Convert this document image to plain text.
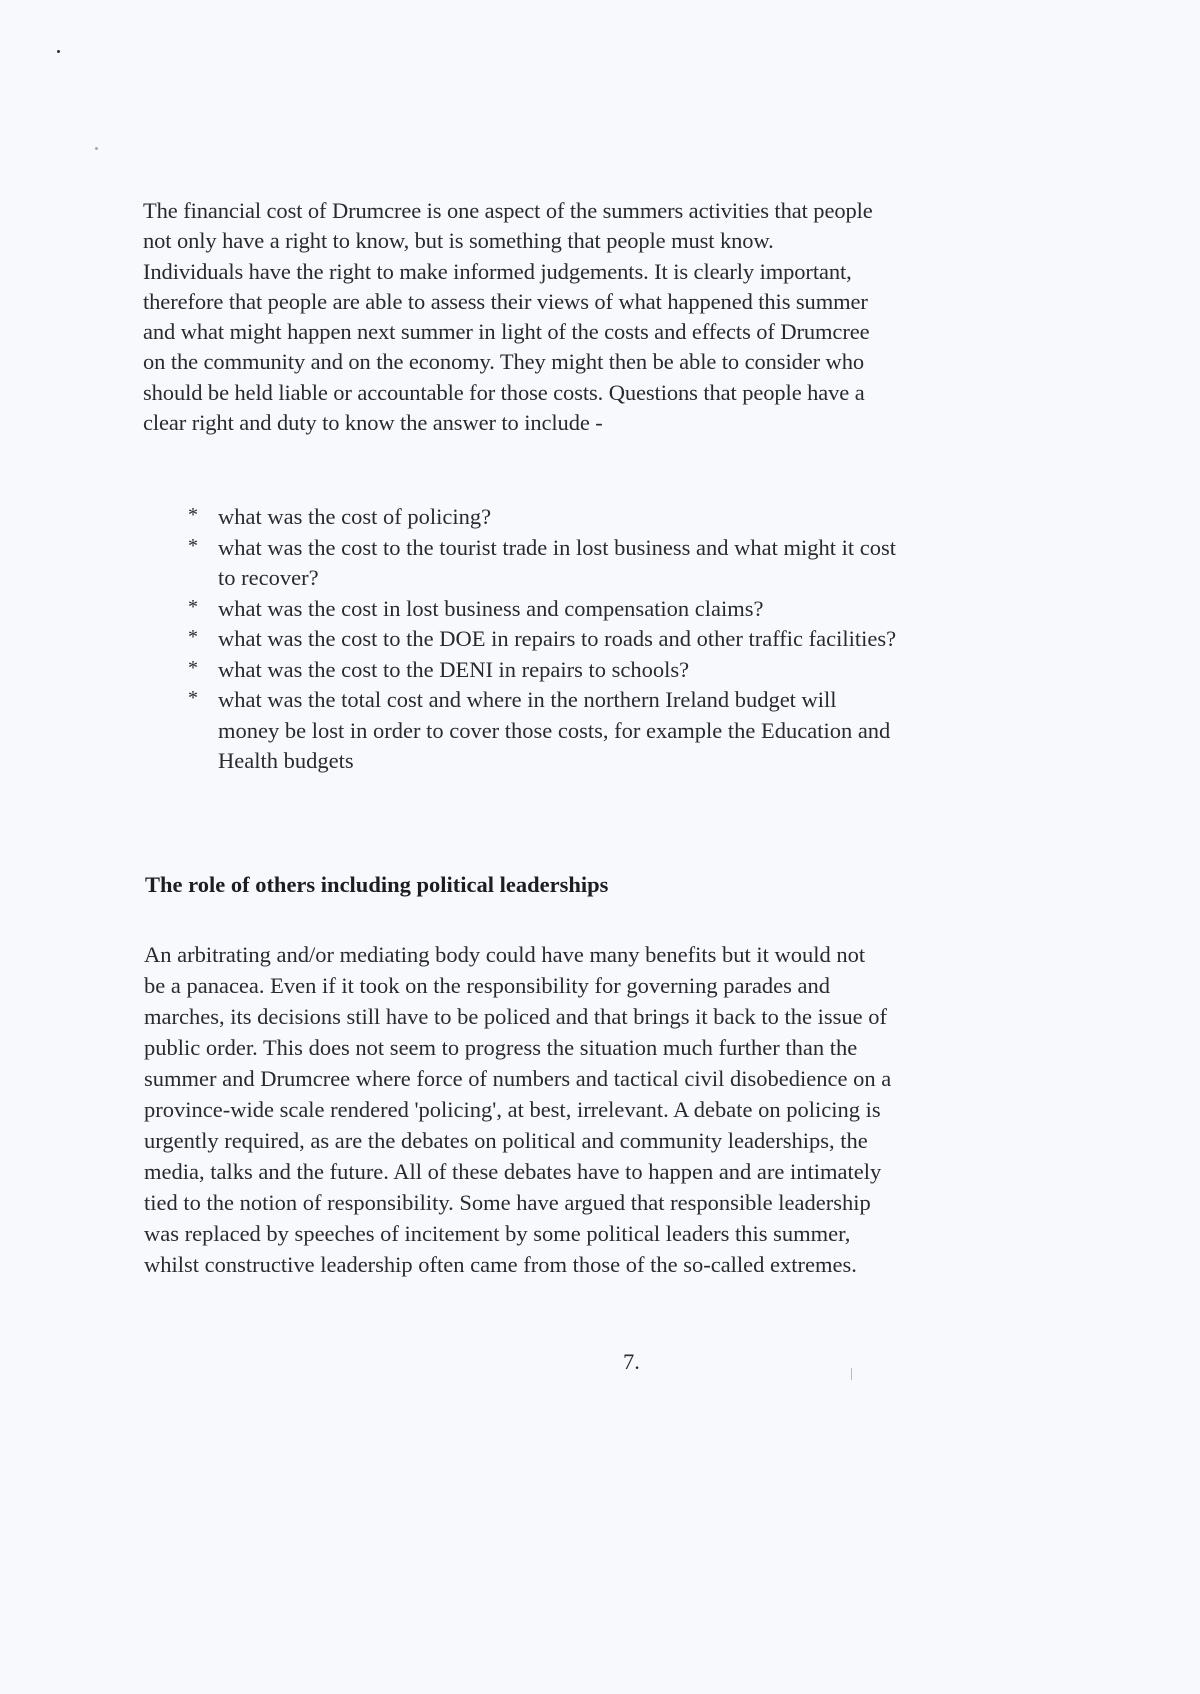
The financial cost of Drumcree is one aspect of the summers activities that people
not only have a right to know, but is something that people must know.
Individuals have the right to make informed judgements. It is clearly important,
therefore that people are able to assess their views of what happened this summer
and what might happen next summer in light of the costs and effects of Drumcree
on the community and on the economy. They might then be able to consider who
should be held liable or accountable for those costs. Questions that people have a
clear right and duty to know the answer to include -

* what was the cost of policing?
* what was the cost to the tourist trade in lost business and what might it cost
to recover?
* what was the cost in lost business and compensation claims?
* what was the cost to the DOE in repairs to roads and other traffic facilities?
* what was the cost to the DENI in repairs to schools?
* what was the total cost and where in the northern Ireland budget will
money be lost in order to cover those costs, for example the Education and
Health budgets
The role of others including political leaderships

An arbitrating and/or mediating body could have many benefits but it would not
be a panacea. Even if it took on the responsibility for governing parades and
marches, its decisions still have to be policed and that brings it back to the issue of
public order. This does not seem to progress the situation much further than the
summer and Drumcree where force of numbers and tactical civil disobedience on a
province-wide scale rendered 'policing', at best, irrelevant. A debate on policing is
urgently required, as are the debates on political and community leaderships, the
media, talks and the future. All of these debates have to happen and are intimately
tied to the notion of responsibility. Some have argued that responsible leadership
was replaced by speeches of incitement by some political leaders this summer,
whilst constructive leadership often came from those of the so-called extremes.

7.
